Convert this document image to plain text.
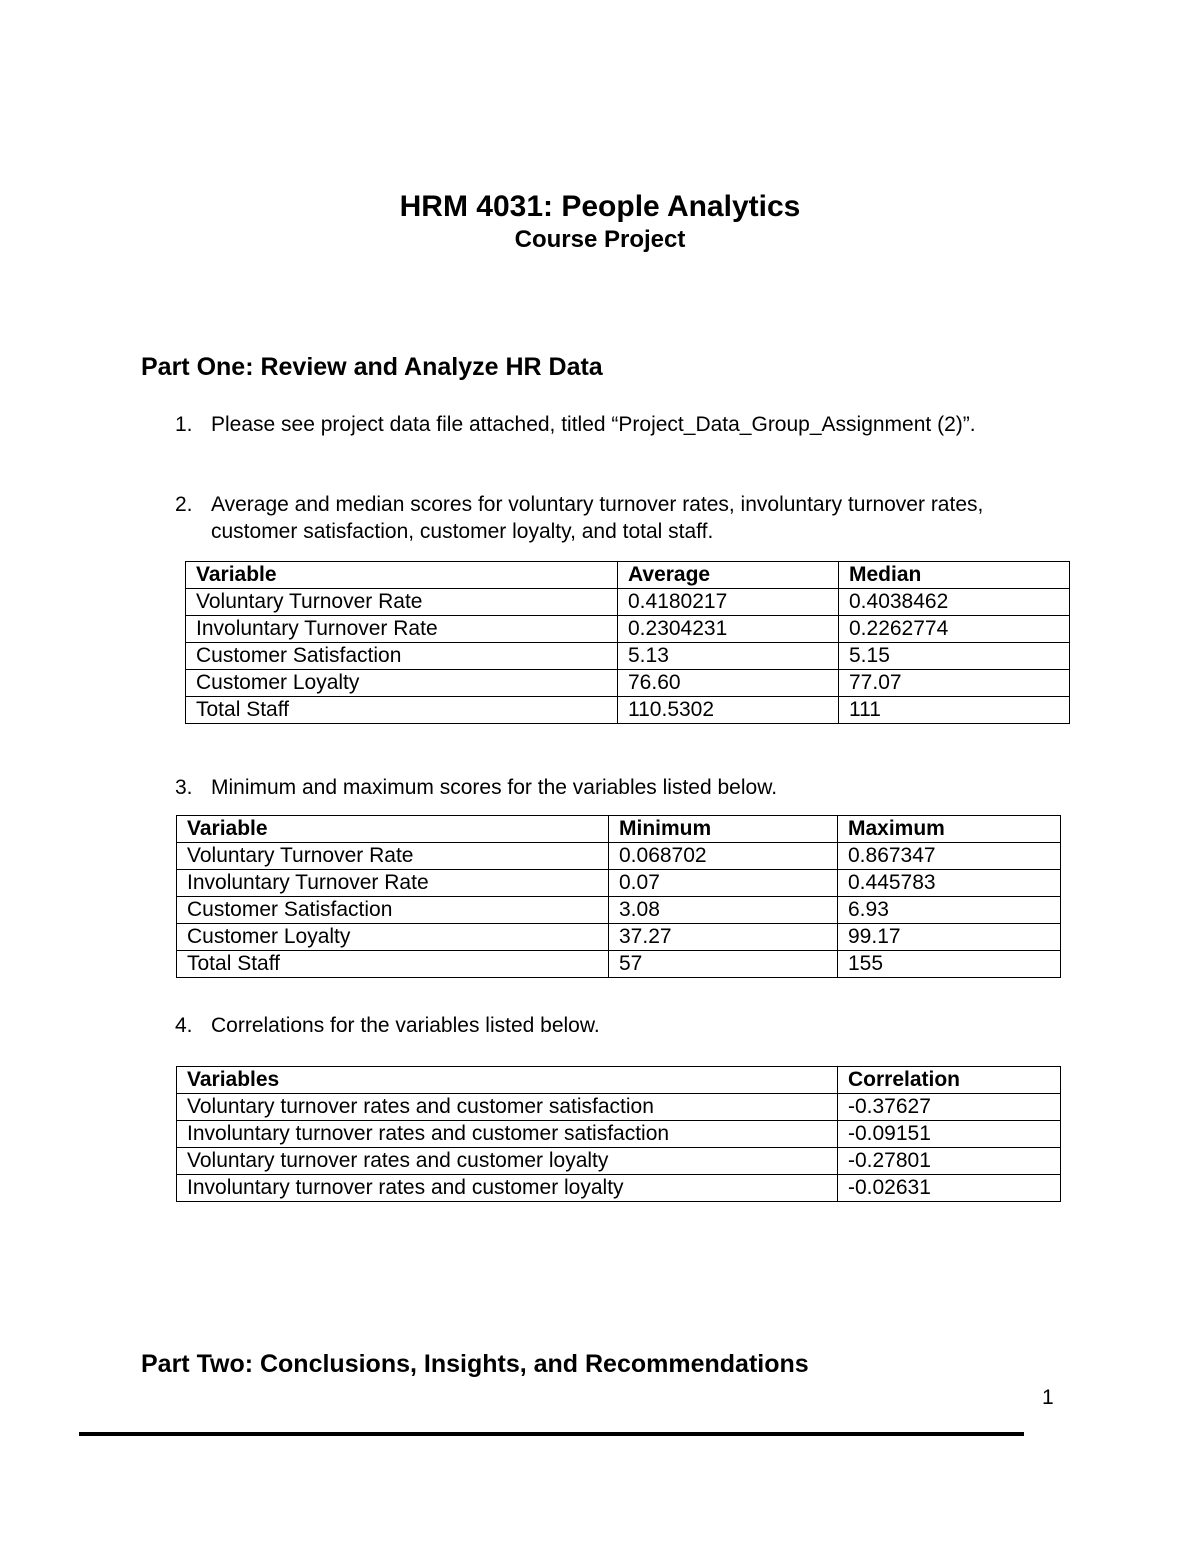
HRM 4031: People Analytics
Course Project
Part One: Review and Analyze HR Data
1. Please see project data file attached, titled “Project_Data_Group_Assignment (2)”.
2. Average and median scores for voluntary turnover rates, involuntary turnover rates, customer satisfaction, customer loyalty, and total staff.
Variable	Average	Median
Voluntary Turnover Rate	0.4180217	0.4038462
Involuntary Turnover Rate	0.2304231	0.2262774
Customer Satisfaction	5.13	5.15
Customer Loyalty	76.60	77.07
Total Staff	110.5302	111
3. Minimum and maximum scores for the variables listed below.
Variable	Minimum	Maximum
Voluntary Turnover Rate	0.068702	0.867347
Involuntary Turnover Rate	0.07	0.445783
Customer Satisfaction	3.08	6.93
Customer Loyalty	37.27	99.17
Total Staff	57	155
4. Correlations for the variables listed below.
Variables	Correlation
Voluntary turnover rates and customer satisfaction	-0.37627
Involuntary turnover rates and customer satisfaction	-0.09151
Voluntary turnover rates and customer loyalty	-0.27801
Involuntary turnover rates and customer loyalty	-0.02631
Part Two: Conclusions, Insights, and Recommendations
1
